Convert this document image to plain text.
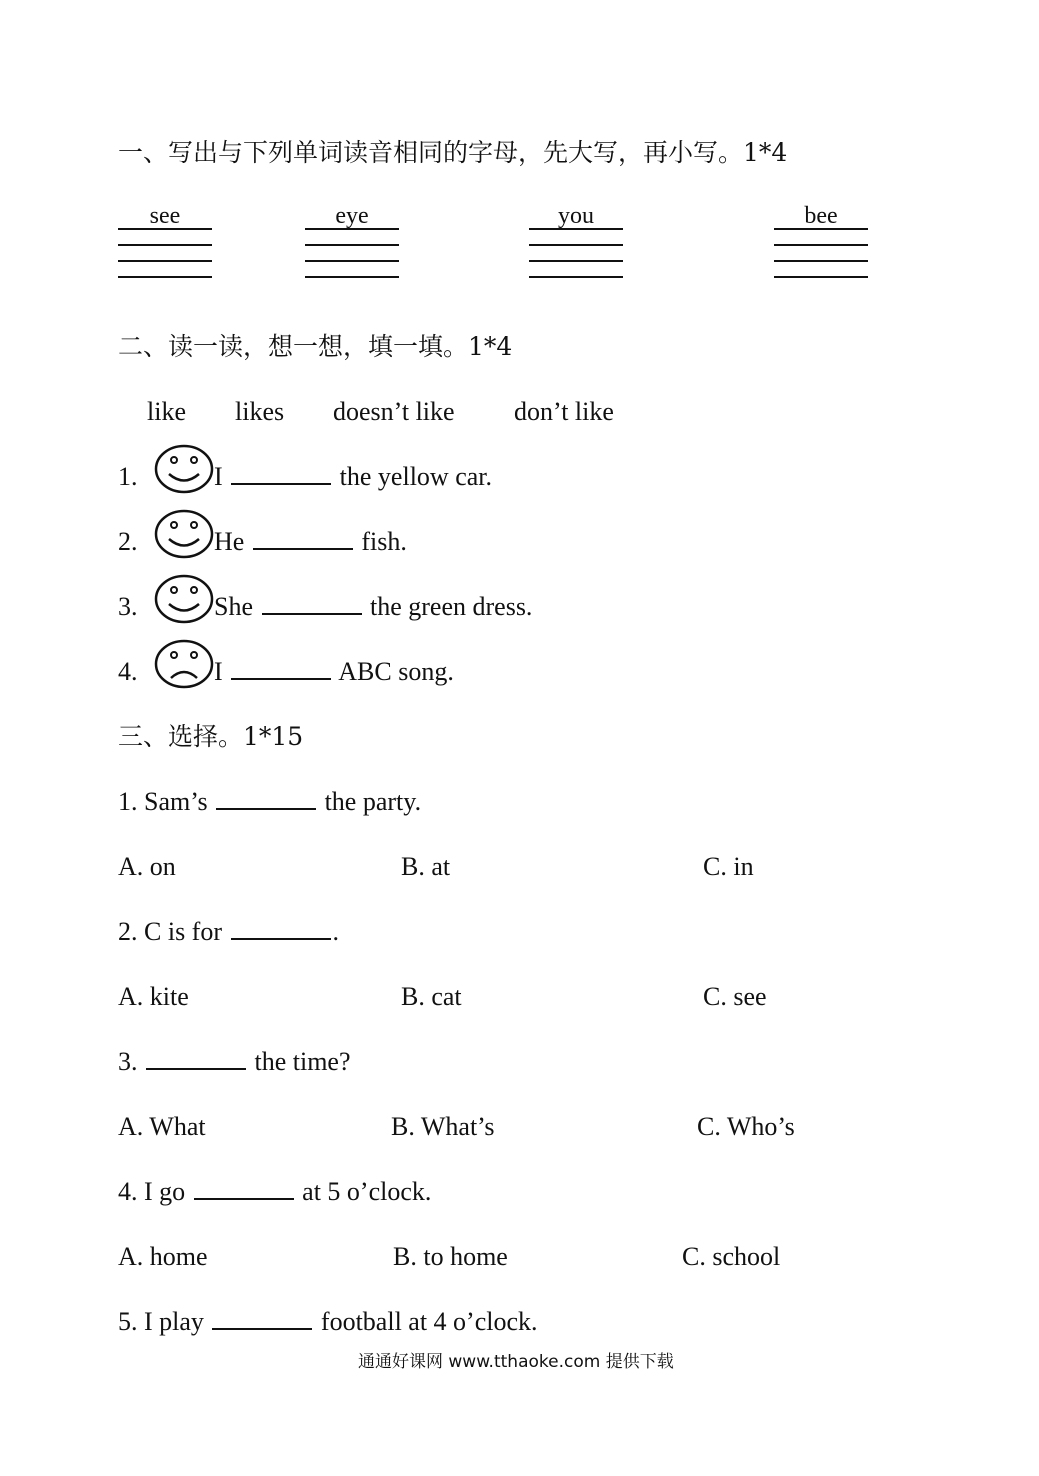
一、写出与下列单词读音相同的字母，先大写，再小写。1*4
see	eye	you	bee
二、读一读，想一想，填一填。1*4
like likes doesn’t like don’t like
1.	I	the yellow car.
2.	He	fish.
3.	She	the green dress.
4.	I	ABC song.
三、选择。1*15
1. Sam’s	the party.
A. on	B. at	C. in
2. C is for	.
A. kite	B. cat	C. see
3.	the time?
A. What	B. What’s	C. Who’s
4. I go	at 5 o’clock.
A. home	B. to home	C. school
5. I play	football at 4 o’clock.
通通好课网 www.tthaoke.com 提供下载
